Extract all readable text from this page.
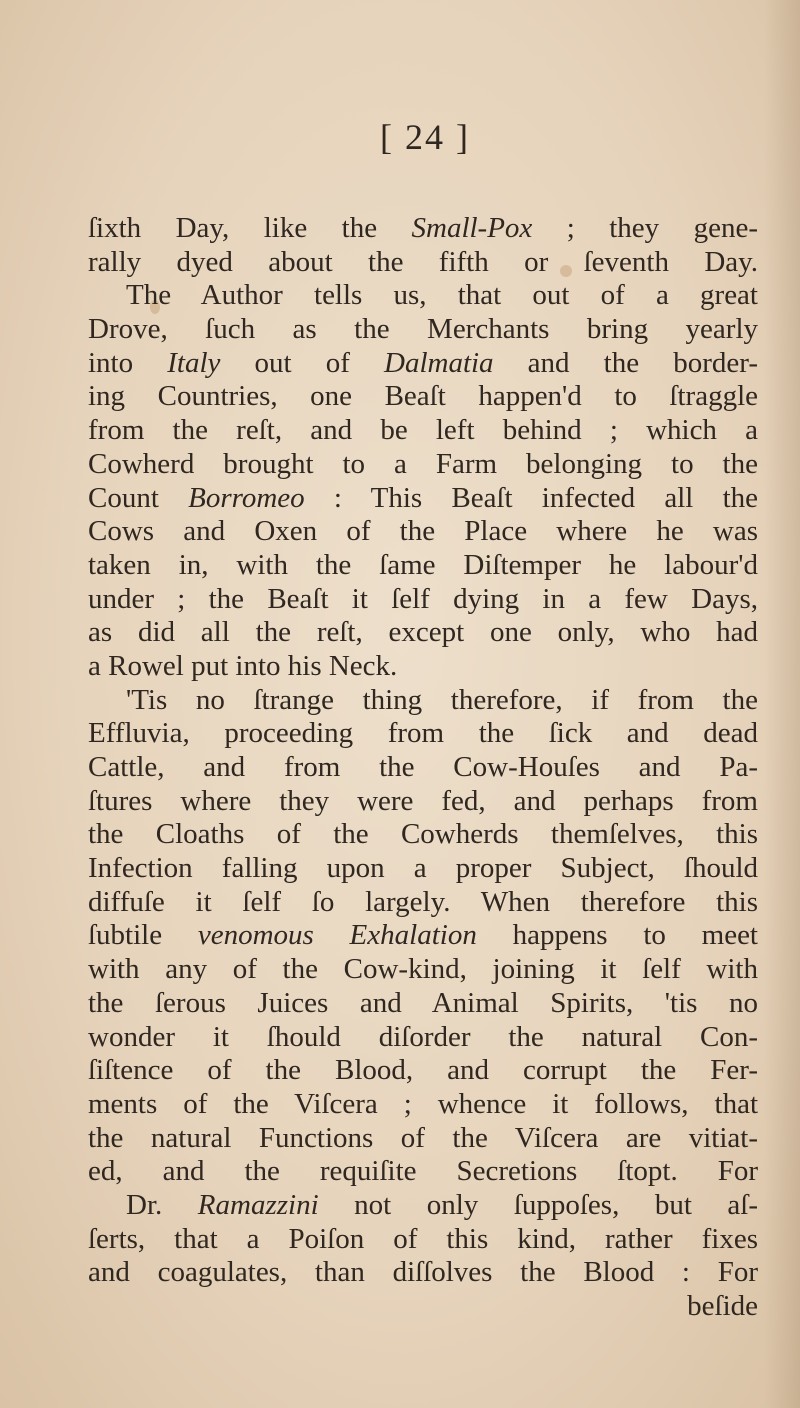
[ 24 ]
ſixth Day, like the Small-Pox ; they gene-
rally dyed about the fifth or ſeventh Day.
The Author tells us, that out of a great
Drove, ſuch as the Merchants bring yearly
into Italy out of Dalmatia and the border-
ing Countries, one Beaſt happen'd to ſtraggle
from the reſt, and be left behind ; which a
Cowherd brought to a Farm belonging to the
Count Borromeo : This Beaſt infected all the
Cows and Oxen of the Place where he was
taken in, with the ſame Diſtemper he labour'd
under ; the Beaſt it ſelf dying in a few Days,
as did all the reſt, except one only, who had
a Rowel put into his Neck.
'Tis no ſtrange thing therefore, if from the
Effluvia, proceeding from the ſick and dead
Cattle, and from the Cow-Houſes and Pa-
ſtures where they were fed, and perhaps from
the Cloaths of the Cowherds themſelves, this
Infection falling upon a proper Subject, ſhould
diffuſe it ſelf ſo largely. When therefore this
ſubtile venomous Exhalation happens to meet
with any of the Cow-kind, joining it ſelf with
the ſerous Juices and Animal Spirits, 'tis no
wonder it ſhould diſorder the natural Con-
ſiſtence of the Blood, and corrupt the Fer-
ments of the Viſcera ; whence it follows, that
the natural Functions of the Viſcera are vitiat-
ed, and the requiſite Secretions ſtopt. For
Dr. Ramazzini not only ſuppoſes, but aſ-
ſerts, that a Poiſon of this kind, rather fixes
and coagulates, than diſſolves the Blood : For
beſide
